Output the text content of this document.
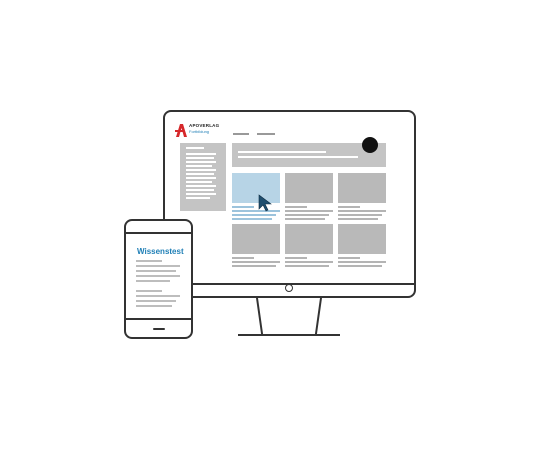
APOVERLAG
Fortbildung
Wissenstest
